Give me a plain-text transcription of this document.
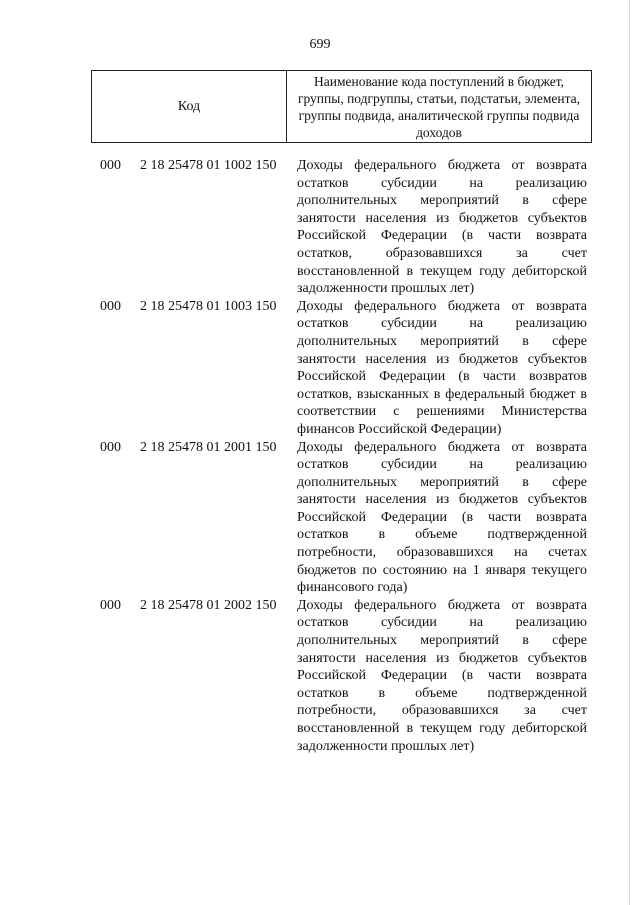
699
Код
Наименование кода поступлений в бюджет, группы, подгруппы, статьи, подстатьи, элемента, группы подвида, аналитической группы подвида доходов
000	2 18 25478 01 1002 150	Доходы федерального бюджета от возврата остатков субсидии на реализацию дополнительных мероприятий в сфере занятости населения из бюджетов субъектов Российской Федерации (в части возврата остатков, образовавшихся за счет восстановленной в текущем году дебиторской задолженности прошлых лет)
000	2 18 25478 01 1003 150	Доходы федерального бюджета от возврата остатков субсидии на реализацию дополнительных мероприятий в сфере занятости населения из бюджетов субъектов Российской Федерации (в части возвратов остатков, взысканных в федеральный бюджет в соответствии с решениями Министерства финансов Российской Федерации)
000	2 18 25478 01 2001 150	Доходы федерального бюджета от возврата остатков субсидии на реализацию дополнительных мероприятий в сфере занятости населения из бюджетов субъектов Российской Федерации (в части возврата остатков в объеме подтвержденной потребности, образовавшихся на счетах бюджетов по состоянию на 1 января текущего финансового года)
000	2 18 25478 01 2002 150	Доходы федерального бюджета от возврата остатков субсидии на реализацию дополнительных мероприятий в сфере занятости населения из бюджетов субъектов Российской Федерации (в части возврата остатков в объеме подтвержденной потребности, образовавшихся за счет восстановленной в текущем году дебиторской задолженности прошлых лет)
